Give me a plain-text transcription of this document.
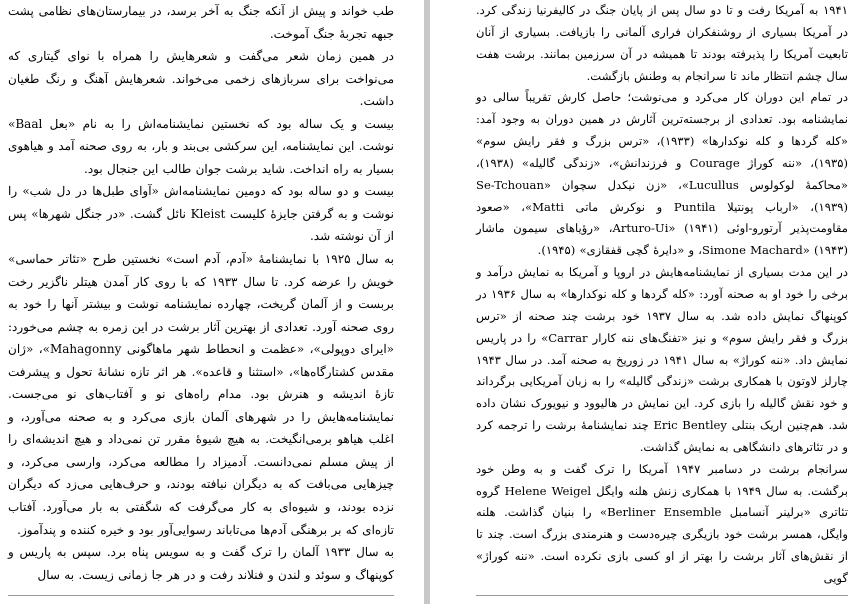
طب خواند و پیش از آنکه جنگ به آخر برسد، در بیمارستان‌های نظامی پشت جبهه تجربهٔ جنگ آموخت.

در همین زمان شعر می‌گفت و شعرهایش را همراه با نوای گیتاری که می‌نواخت برای سربازهای زخمی می‌خواند. شعرهایش آهنگ و رنگ طغیان داشت.

بیست و یک ساله بود که نخستین نمایشنامه‌اش را به نام «بعل Baal» نوشت. این نمایشنامه، این سرکشی بی‌بند و بار، به روی صحنه آمد و هیاهوی بسیار به راه انداخت. شاید برشت جوان طالب این جنجال بود.

بیست و دو ساله بود که دومین نمایشنامه‌اش «آوای طبل‌ها در دل شب» را نوشت و به گرفتن جایزهٔ کلیست Kleist نائل گشت. «در جنگل شهرها» پس از آن نوشته شد.

به سال ۱۹۲۵ با نمایشنامهٔ «آدم، آدم است» نخستین طرح «تئاتر حماسی» خویش را عرضه کرد. تا سال ۱۹۳۳ که با روی کار آمدن هیتلر ناگزیر رخت بربست و از آلمان گریخت، چهارده نمایشنامه نوشت و بیشتر آنها را خود به روی صحنه آورد. تعدادی از بهترین آثار برشت در این زمره به چشم می‌خورد: «ایرای دوپولی»، «عظمت و انحطاط شهر ماهاگونی Mahagonny»، «ژان مقدس کشتارگاه‌ها»، «استثنا و قاعده». هر اثر تازه نشانهٔ تحول و پیشرفت تازهٔ اندیشه و هنرش بود. مدام راه‌های نو و آفتاب‌های نو می‌جست. نمایشنامه‌هایش را در شهرهای آلمان بازی می‌کرد و به صحنه می‌آورد، و اغلب هیاهو برمی‌انگیخت. به هیچ شیوهٔ مقرر تن نمی‌داد و هیچ اندیشه‌ای را از پیش مسلم نمی‌دانست. آدمیزاد را مطالعه می‌کرد، وارسی می‌کرد، و چیزهایی می‌بافت که به دیگران نبافته بودند، و حرف‌هایی می‌زد که دیگران نزده بودند، و شیوه‌ای به کار می‌گرفت که شگفتی به بار می‌آورد. آفتاب تازه‌ای که بر برهنگی آدم‌ها می‌تاباند رسوایی‌آور بود و خیره کننده و پندآموز.

به سال ۱۹۳۳ آلمان را ترک گفت و به سویس پناه برد. سپس به پاریس و کوپنهاگ و سوئد و لندن و فنلاند رفت و در هر جا زمانی زیست. به سال

۱۹۴۱ به آمریکا رفت و تا دو سال پس از پایان جنگ در کالیفرنیا زندگی کرد. در آمریکا بسیاری از روشنفکران فراری آلمانی را بازیافت. بسیاری از آنان تابعیت آمریکا را پذیرفته بودند تا همیشه در آن سرزمین بمانند. برشت هفت سال چشم انتظار ماند تا سرانجام به وطنش بازگشت.

در تمام این دوران کار می‌کرد و می‌نوشت؛ حاصل کارش تقریباً سالی دو نمایشنامه بود. تعدادی از برجسته‌ترین آثارش در همین دوران به وجود آمد: «کله گردها و کله نوکدارها» (۱۹۳۳)، «ترس بزرگ و فقر رایش سوم» (۱۹۳۵)، «ننه کوراژ Courage و فرزندانش»، «زندگی گالیله» (۱۹۳۸)، «محاکمهٔ لوکولوس Lucullus»، «زن نیکدل سچوان Se-Tchouan» (۱۹۳۹)، «ارباب پونتیلا Puntila و نوکرش ماتی Matti»، «صعود مقاومت‌پذیر آرتورو-اوئی Arturo-Ui» (۱۹۴۱)، «رؤیاهای سیمون ماشار Simone Machard» (۱۹۴۳)، و «دایرهٔ گچی قفقازی» (۱۹۴۵).

در این مدت بسیاری از نمایشنامه‌هایش در اروپا و آمریکا به نمایش درآمد و برخی را خود او به صحنه آورد: «کله گردها و کله نوکدارها» به سال ۱۹۳۶ در کوپنهاگ نمایش داده شد. به سال ۱۹۳۷ خود برشت چند صحنه از «ترس بزرگ و فقر رایش سوم» و نیز «تفنگ‌های ننه کارار Carrar» را در پاریس نمایش داد. «ننه کوراژ» به سال ۱۹۴۱ در زوریخ به صحنه آمد. در سال ۱۹۴۳ چارلز لاوتون با همکاری برشت «زندگی گالیله» را به زبان آمریکایی برگرداند و خود نقش گالیله را بازی کرد. این نمایش در هالیوود و نیویورک نشان داده شد. هم‌چنین اریک بنتلی Eric Bentley چند نمایشنامهٔ برشت را ترجمه کرد و در تئاترهای دانشگاهی به نمایش گذاشت.

سرانجام برشت در دسامبر ۱۹۴۷ آمریکا را ترک گفت و به وطن خود برگشت. به سال ۱۹۴۹ با همکاری زنش هلنه وایگل Helene Weigel گروه تئاتری «برلینر آنسامبل Berliner Ensemble» را بنیان گذاشت. هلنه وایگل، همسر برشت خود بازیگری چیره‌دست و هنرمندی بزرگ است. چند تا از نقش‌های آثار برشت را بهتر از او کسی بازی نکرده است. «ننه کوراژ» گویی
